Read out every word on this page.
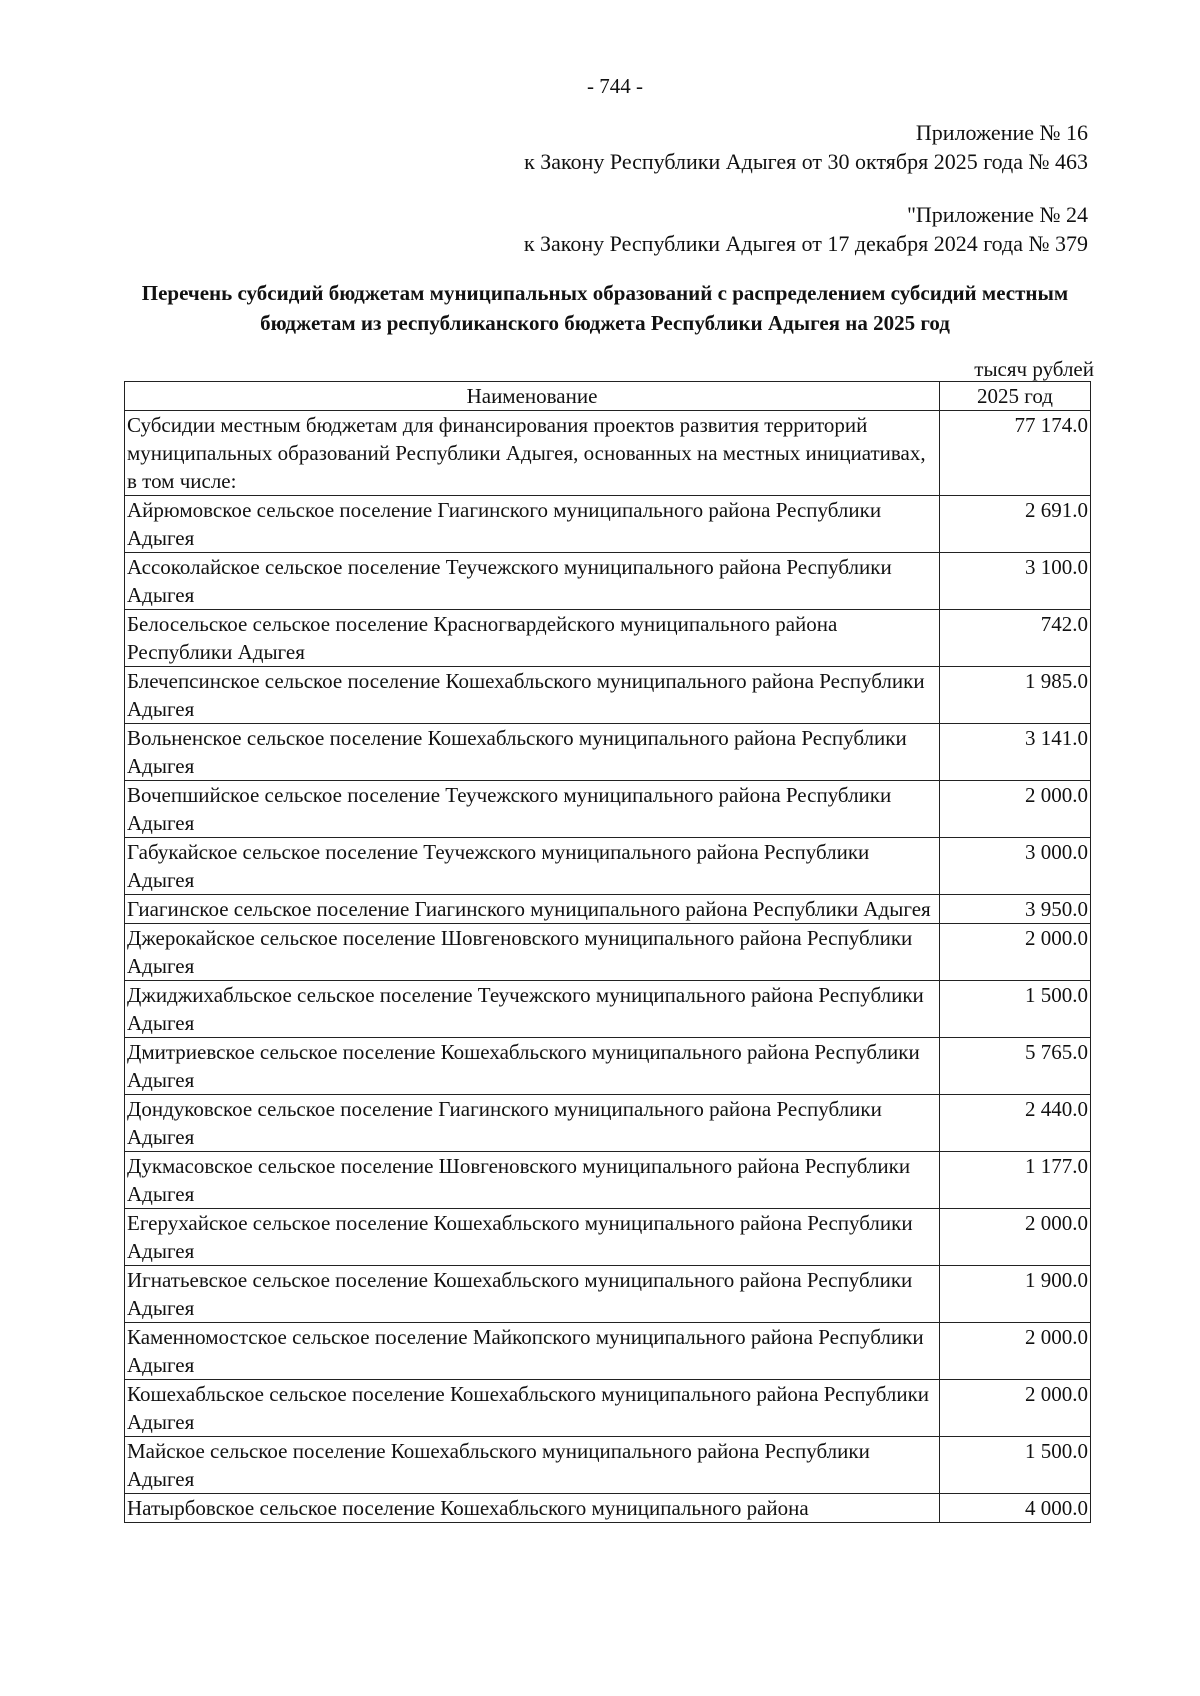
- 744 -
Приложение № 16
к Закону Республики Адыгея от 30 октября 2025 года № 463
"Приложение № 24
к Закону Республики Адыгея от 17 декабря 2024 года № 379
Перечень субсидий бюджетам муниципальных образований с распределением субсидий местным бюджетам из республиканского бюджета Республики Адыгея на 2025 год
тысяч рублей
Наименование	2025 год
Субсидии местным бюджетам для финансирования проектов развития территорий муниципальных образований Республики Адыгея, основанных на местных инициативах, в том числе:	77 174.0
Айрюмовское сельское поселение Гиагинского муниципального района Республики Адыгея	2 691.0
Ассоколайское сельское поселение Теучежского муниципального района Республики Адыгея	3 100.0
Белосельское сельское поселение Красногвардейского муниципального района Республики Адыгея	742.0
Блечепсинское сельское поселение Кошехабльского муниципального района Республики Адыгея	1 985.0
Вольненское сельское поселение Кошехабльского муниципального района Республики Адыгея	3 141.0
Вочепшийское сельское поселение Теучежского муниципального района Республики Адыгея	2 000.0
Габукайское сельское поселение Теучежского муниципального района Республики Адыгея	3 000.0
Гиагинское сельское поселение Гиагинского муниципального района Республики Адыгея	3 950.0
Джерокайское сельское поселение Шовгеновского муниципального района Республики Адыгея	2 000.0
Джиджихабльское сельское поселение Теучежского муниципального района Республики Адыгея	1 500.0
Дмитриевское сельское поселение Кошехабльского муниципального района Республики Адыгея	5 765.0
Дондуковское сельское поселение Гиагинского муниципального района Республики Адыгея	2 440.0
Дукмасовское сельское поселение Шовгеновского муниципального района Республики Адыгея	1 177.0
Егерухайское сельское поселение Кошехабльского муниципального района Республики Адыгея	2 000.0
Игнатьевское сельское поселение Кошехабльского муниципального района Республики Адыгея	1 900.0
Каменномостское сельское поселение Майкопского муниципального района Республики Адыгея	2 000.0
Кошехабльское сельское поселение Кошехабльского муниципального района Республики Адыгея	2 000.0
Майское сельское поселение Кошехабльского муниципального района Республики Адыгея	1 500.0
Натырбовское сельское поселение Кошехабльского муниципального района	4 000.0
